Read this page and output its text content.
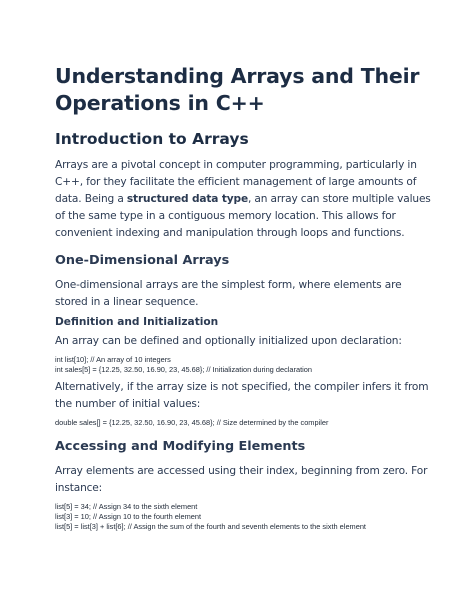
Understanding Arrays and Their Operations in C++
Introduction to Arrays

Arrays are a pivotal concept in computer programming, particularly in C++, for they facilitate the efficient management of large amounts of data. Being a structured data type, an array can store multiple values of the same type in a contiguous memory location. This allows for convenient indexing and manipulation through loops and functions.

One-Dimensional Arrays

One-dimensional arrays are the simplest form, where elements are stored in a linear sequence.

Definition and Initialization

An array can be defined and optionally initialized upon declaration:

int list[10]; // An array of 10 integers
int sales[5] = {12.25, 32.50, 16.90, 23, 45.68}; // Initialization during declaration

Alternatively, if the array size is not specified, the compiler infers it from the number of initial values:

double sales[] = {12.25, 32.50, 16.90, 23, 45.68}; // Size determined by the compiler
Accessing and Modifying Elements

Array elements are accessed using their index, beginning from zero. For instance:

list[5] = 34; // Assign 34 to the sixth element
list[3] = 10; // Assign 10 to the fourth element
list[5] = list[3] + list[6]; // Assign the sum of the fourth and seventh elements to the sixth element
